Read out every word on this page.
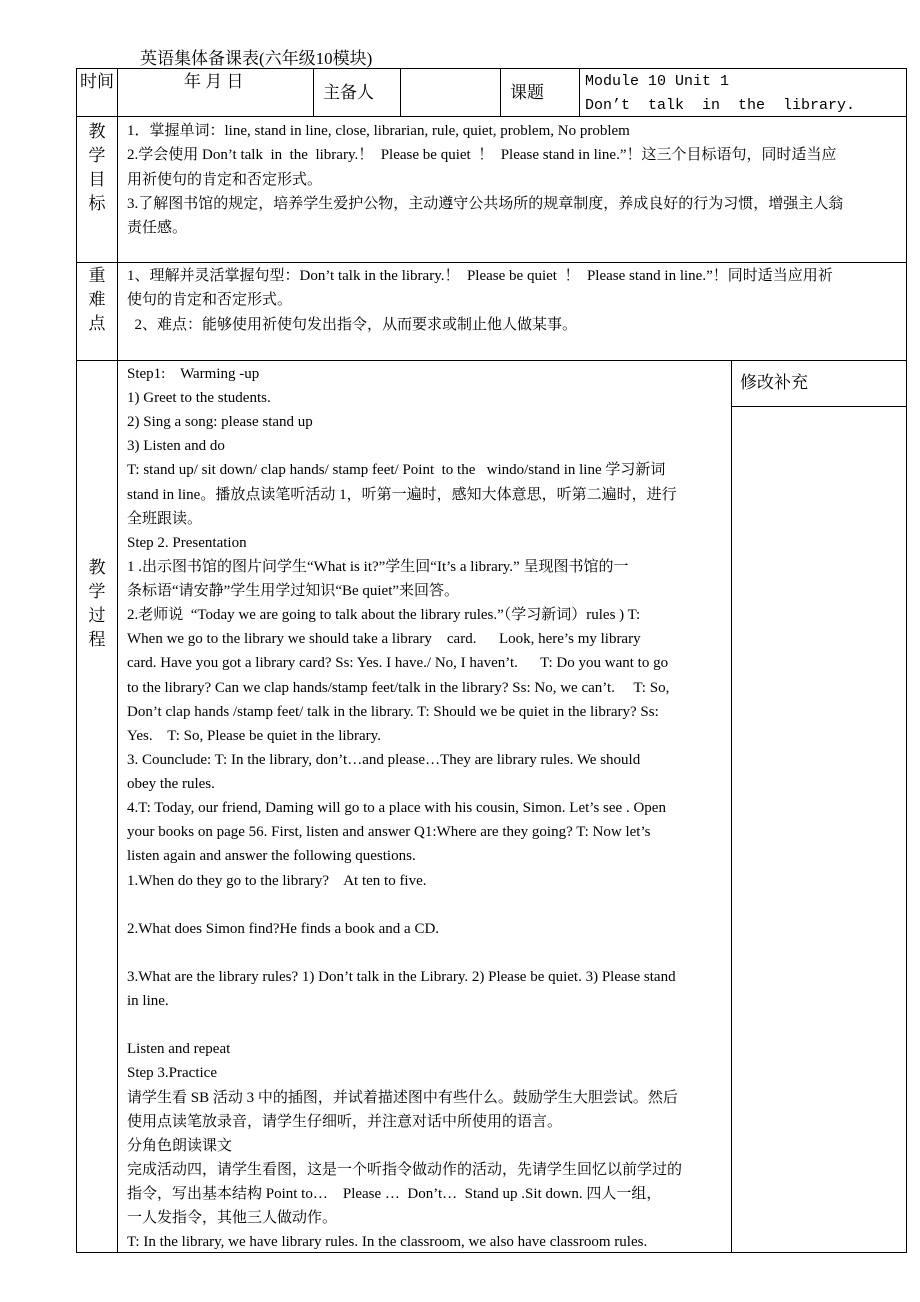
英语集体备课表(六年级10模块)
时间	年 月 日
主备人	课题
Module 10 Unit 1
Don’t  talk  in  the  library.
教学目标
1．掌握单词：line, stand in line, close, librarian, rule, quiet, problem, No problem
2.学会使用 Don’t talk  in  the  library.！  Please be quiet  ！  Please stand in line.”！这三个目标语句，同时适当应
用祈使句的肯定和否定形式。
3.了解图书馆的规定，培养学生爱护公物，主动遵守公共场所的规章制度，养成良好的行为习惯，增强主人翁
责任感。
重难点
1、理解并灵活掌握句型：Don’t talk in the library.！  Please be quiet  ！  Please stand in line.”！同时适当应用祈
使句的肯定和否定形式。
2、难点：能够使用祈使句发出指令，从而要求或制止他人做某事。
教学过程
修改补充
Step1:    Warming -up
1) Greet to the students.
2) Sing a song: please stand up
3) Listen and do
T: stand up/ sit down/ clap hands/ stamp feet/ Point  to the   windo/stand in line 学习新词
stand in line。播放点读笔听活动 1，听第一遍时，感知大体意思，听第二遍时，进行
全班跟读。
Step 2. Presentation
1 .出示图书馆的图片问学生“What is it?”学生回“It’s a library.” 呈现图书馆的一
条标语“请安静”学生用学过知识“Be quiet”来回答。
2.老师说  “Today we are going to talk about the library rules.”（学习新词）rules ) T:
When we go to the library we should take a library    card.      Look, here’s my library
card. Have you got a library card? Ss: Yes. I have./ No, I haven’t.      T: Do you want to go
to the library? Can we clap hands/stamp feet/talk in the library? Ss: No, we can’t.     T: So,
Don’t clap hands /stamp feet/ talk in the library. T: Should we be quiet in the library? Ss:
Yes.    T: So, Please be quiet in the library.
3. Counclude: T: In the library, don’t…and please…They are library rules. We should
obey the rules.
4.T: Today, our friend, Daming will go to a place with his cousin, Simon. Let’s see . Open
your books on page 56. First, listen and answer Q1:Where are they going? T: Now let’s
listen again and answer the following questions.
1.When do they go to the library?    At ten to five.
2.What does Simon find?He finds a book and a CD.
3.What are the library rules? 1) Don’t talk in the Library. 2) Please be quiet. 3) Please stand
in line.
Listen and repeat
Step 3.Practice
请学生看 SB 活动 3 中的插图，并试着描述图中有些什么。鼓励学生大胆尝试。然后
使用点读笔放录音，请学生仔细听，并注意对话中所使用的语言。
分角色朗读课文
完成活动四，请学生看图，这是一个听指令做动作的活动，先请学生回忆以前学过的
指令，写出基本结构 Point to…    Please …  Don’t…  Stand up .Sit down. 四人一组，
一人发指令，其他三人做动作。
T: In the library, we have library rules. In the classroom, we also have classroom rules.
